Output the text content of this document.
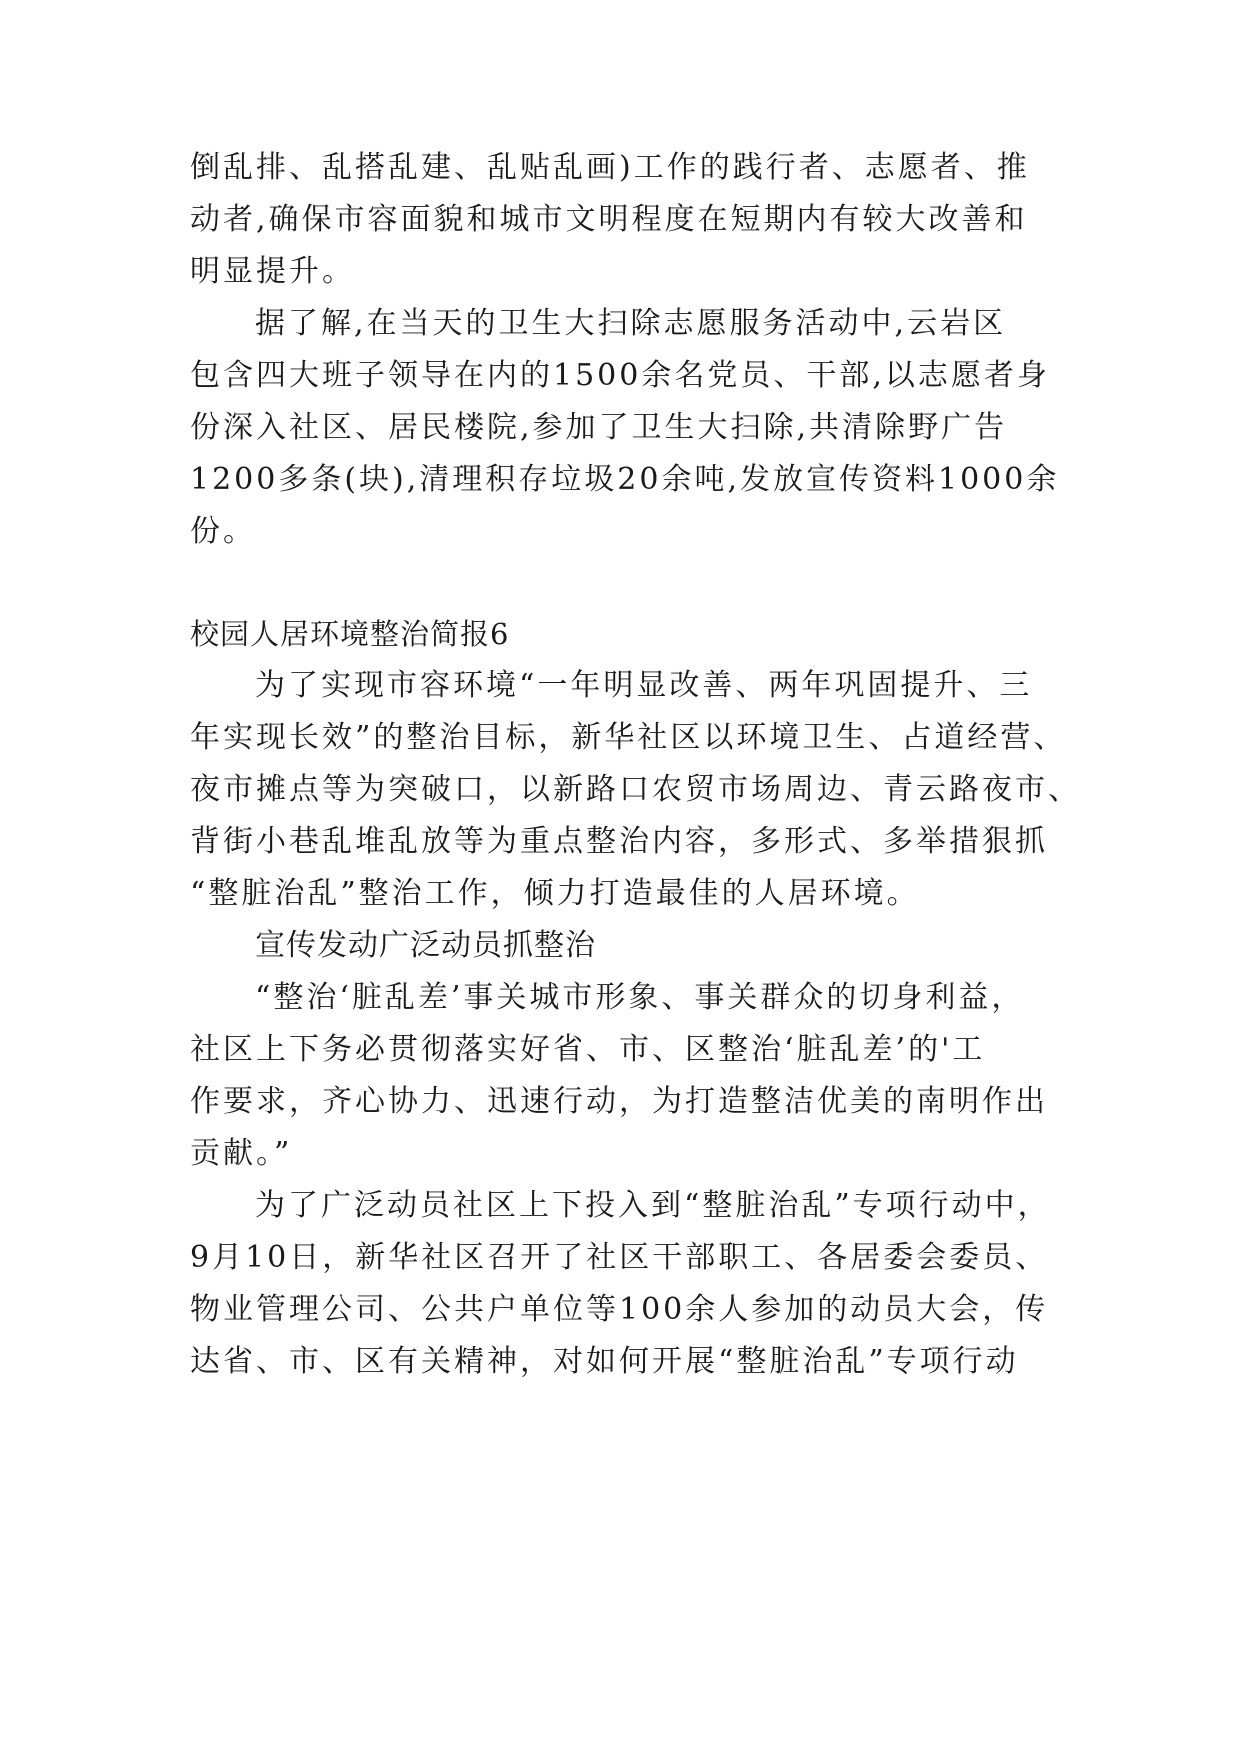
倒乱排、乱搭乱建、乱贴乱画)工作的践行者、志愿者、推
动者,确保市容面貌和城市文明程度在短期内有较大改善和
明显提升。
据了解,在当天的卫生大扫除志愿服务活动中,云岩区
包含四大班子领导在内的1500余名党员、干部,以志愿者身
份深入社区、居民楼院,参加了卫生大扫除,共清除野广告
1200多条(块),清理积存垃圾20余吨,发放宣传资料1000余
份。
校园人居环境整治简报6
为了实现市容环境“一年明显改善、两年巩固提升、三
年实现长效”的整治目标，新华社区以环境卫生、占道经营、
夜市摊点等为突破口，以新路口农贸市场周边、青云路夜市、
背街小巷乱堆乱放等为重点整治内容，多形式、多举措狠抓
“整脏治乱”整治工作，倾力打造最佳的人居环境。
宣传发动广泛动员抓整治
“整治‘脏乱差’事关城市形象、事关群众的切身利益，
社区上下务必贯彻落实好省、市、区整治‘脏乱差’的'工
作要求，齐心协力、迅速行动，为打造整洁优美的南明作出
贡献。”
为了广泛动员社区上下投入到“整脏治乱”专项行动中，
9月10日，新华社区召开了社区干部职工、各居委会委员、
物业管理公司、公共户单位等100余人参加的动员大会，传
达省、市、区有关精神，对如何开展“整脏治乱”专项行动
